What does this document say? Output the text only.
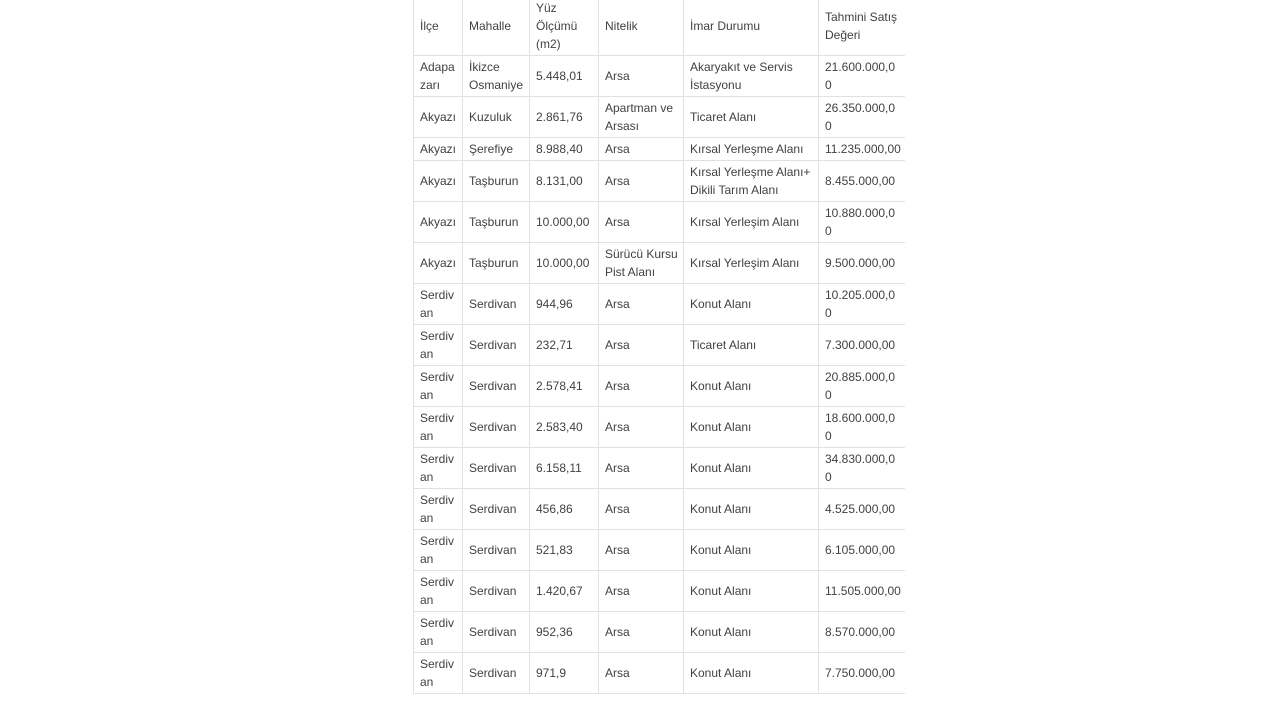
İlçe	Mahalle	Yüz Ölçümü (m2)	Nitelik	İmar Durumu	Tahmini Satış Değeri
Adapazarı	İkizce Osmaniye	5.448,01	Arsa	Akaryakıt ve Servis İstasyonu	21.600.000,00
Akyazı	Kuzuluk	2.861,76	Apartman ve Arsası	Ticaret Alanı	26.350.000,00
Akyazı	Şerefiye	8.988,40	Arsa	Kırsal Yerleşme Alanı	11.235.000,00
Akyazı	Taşburun	8.131,00	Arsa	Kırsal Yerleşme Alanı+ Dikili Tarım Alanı	8.455.000,00
Akyazı	Taşburun	10.000,00	Arsa	Kırsal Yerleşim Alanı	10.880.000,00
Akyazı	Taşburun	10.000,00	Sürücü Kursu Pist Alanı	Kırsal Yerleşim Alanı	9.500.000,00
Serdivan	Serdivan	944,96	Arsa	Konut Alanı	10.205.000,00
Serdivan	Serdivan	232,71	Arsa	Ticaret Alanı	7.300.000,00
Serdivan	Serdivan	2.578,41	Arsa	Konut Alanı	20.885.000,00
Serdivan	Serdivan	2.583,40	Arsa	Konut Alanı	18.600.000,00
Serdivan	Serdivan	6.158,11	Arsa	Konut Alanı	34.830.000,00
Serdivan	Serdivan	456,86	Arsa	Konut Alanı	4.525.000,00
Serdivan	Serdivan	521,83	Arsa	Konut Alanı	6.105.000,00
Serdivan	Serdivan	1.420,67	Arsa	Konut Alanı	11.505.000,00
Serdivan	Serdivan	952,36	Arsa	Konut Alanı	8.570.000,00
Serdivan	Serdivan	971,9	Arsa	Konut Alanı	7.750.000,00
